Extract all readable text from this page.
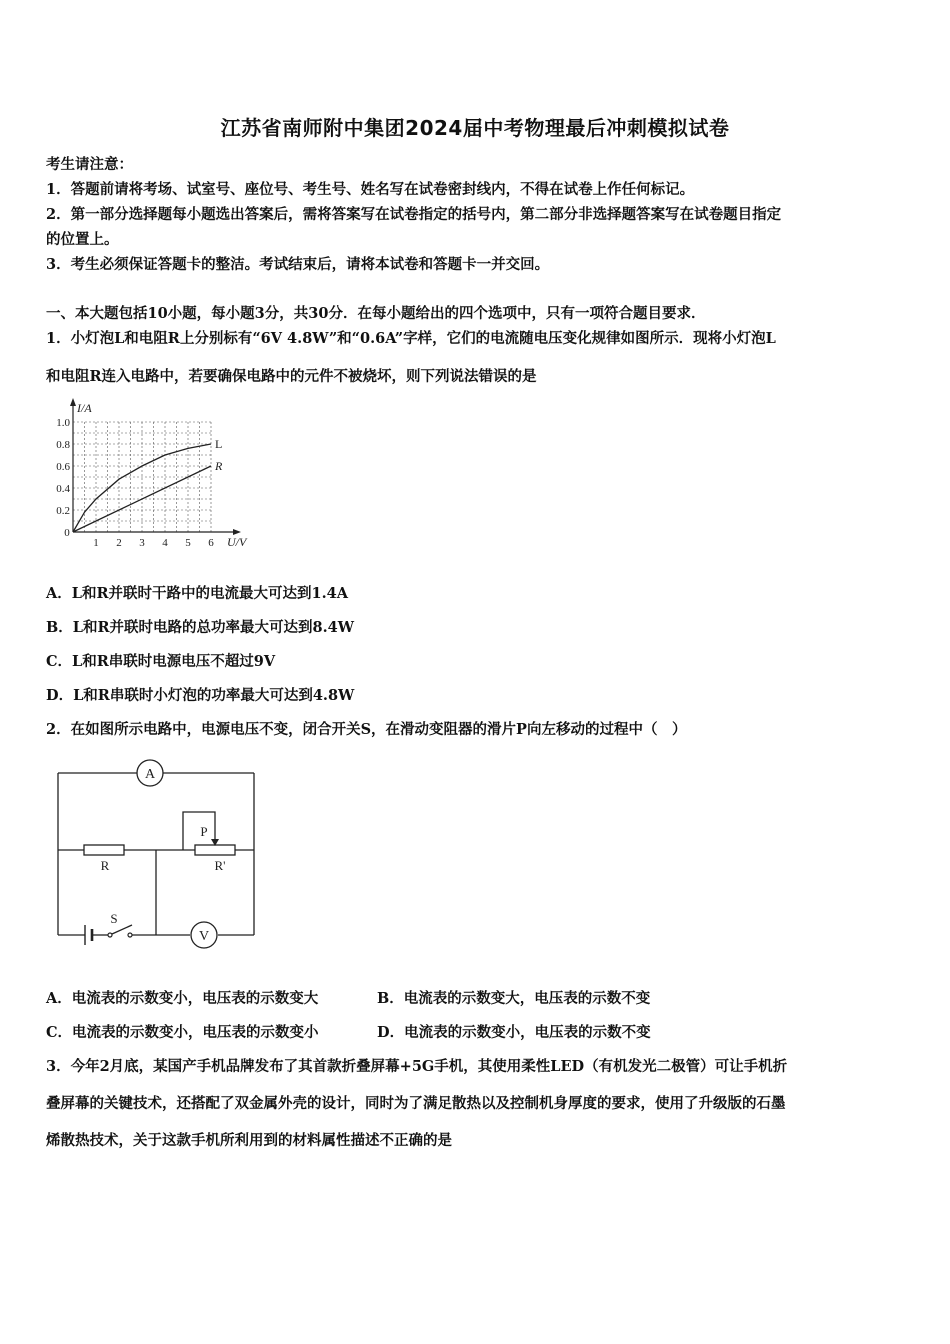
江苏省南师附中集团2024届中考物理最后冲刺模拟试卷
考生请注意：
1．答题前请将考场、试室号、座位号、考生号、姓名写在试卷密封线内，不得在试卷上作任何标记。
2．第一部分选择题每小题选出答案后，需将答案写在试卷指定的括号内，第二部分非选择题答案写在试卷题目指定
的位置上。
3．考生必须保证答题卡的整洁。考试结束后，请将本试卷和答题卡一并交回。
一、本大题包括10小题，每小题3分，共30分．在每小题给出的四个选项中，只有一项符合题目要求．
1．小灯泡L和电阻R上分别标有“6V 4.8W”和“0.6A”字样，它们的电流随电压变化规律如图所示．现将小灯泡L
和电阻R连入电路中，若要确保电路中的元件不被烧坏，则下列说法错误的是
L
R
0
1 2 3 4 5 6
0.2
0.4
0.6
0.8
1.0
U/V
I/A
A．L和R并联时干路中的电流最大可达到1.4A
B．L和R并联时电路的总功率最大可达到8.4W
C．L和R串联时电源电压不超过9V
D．L和R串联时小灯泡的功率最大可达到4.8W
2．在如图所示电路中，电源电压不变，闭合开关S，在滑动变阻器的滑片P向左移动的过程中（　）
A
R
P
R'
S
V
A．电流表的示数变小，电压表的示数变大	B．电流表的示数变大，电压表的示数不变
C．电流表的示数变小，电压表的示数变小	D．电流表的示数变小，电压表的示数不变
3．今年2月底，某国产手机品牌发布了其首款折叠屏幕+5G手机，其使用柔性LED（有机发光二极管）可让手机折
叠屏幕的关键技术，还搭配了双金属外壳的设计，同时为了满足散热以及控制机身厚度的要求，使用了升级版的石墨
烯散热技术，关于这款手机所利用到的材料属性描述不正确的是
